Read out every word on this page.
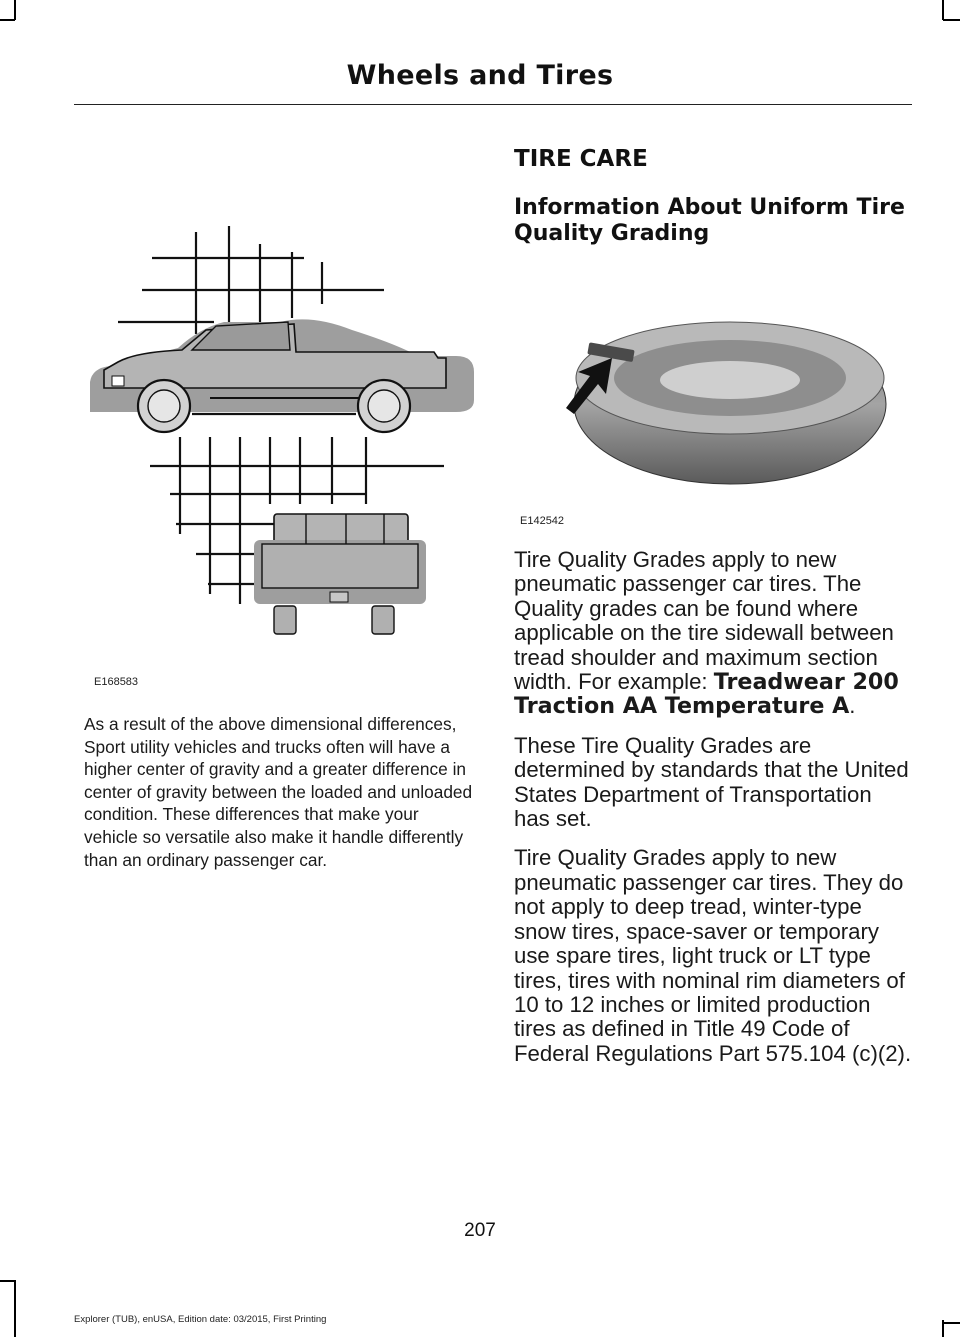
Wheels and Tires
E168583
As a result of the above dimensional differences, Sport utility vehicles and trucks often will have a higher center of gravity and a greater difference in center of gravity between the loaded and unloaded condition. These differences that make your vehicle so versatile also make it handle differently than an ordinary passenger car.
TIRE CARE
Information About Uniform Tire Quality Grading
E142542

Tire Quality Grades apply to new pneumatic passenger car tires. The Quality grades can be found where applicable on the tire sidewall between tread shoulder and maximum section width. For example: Treadwear 200 Traction AA Temperature A.

These Tire Quality Grades are determined by standards that the United States Department of Transportation has set.

Tire Quality Grades apply to new pneumatic passenger car tires. They do not apply to deep tread, winter-type snow tires, space-saver or temporary use spare tires, light truck or LT type tires, tires with nominal rim diameters of 10 to 12 inches or limited production tires as defined in Title 49 Code of Federal Regulations Part 575.104 (c)(2).

207
Explorer (TUB), enUSA, Edition date: 03/2015, First Printing
